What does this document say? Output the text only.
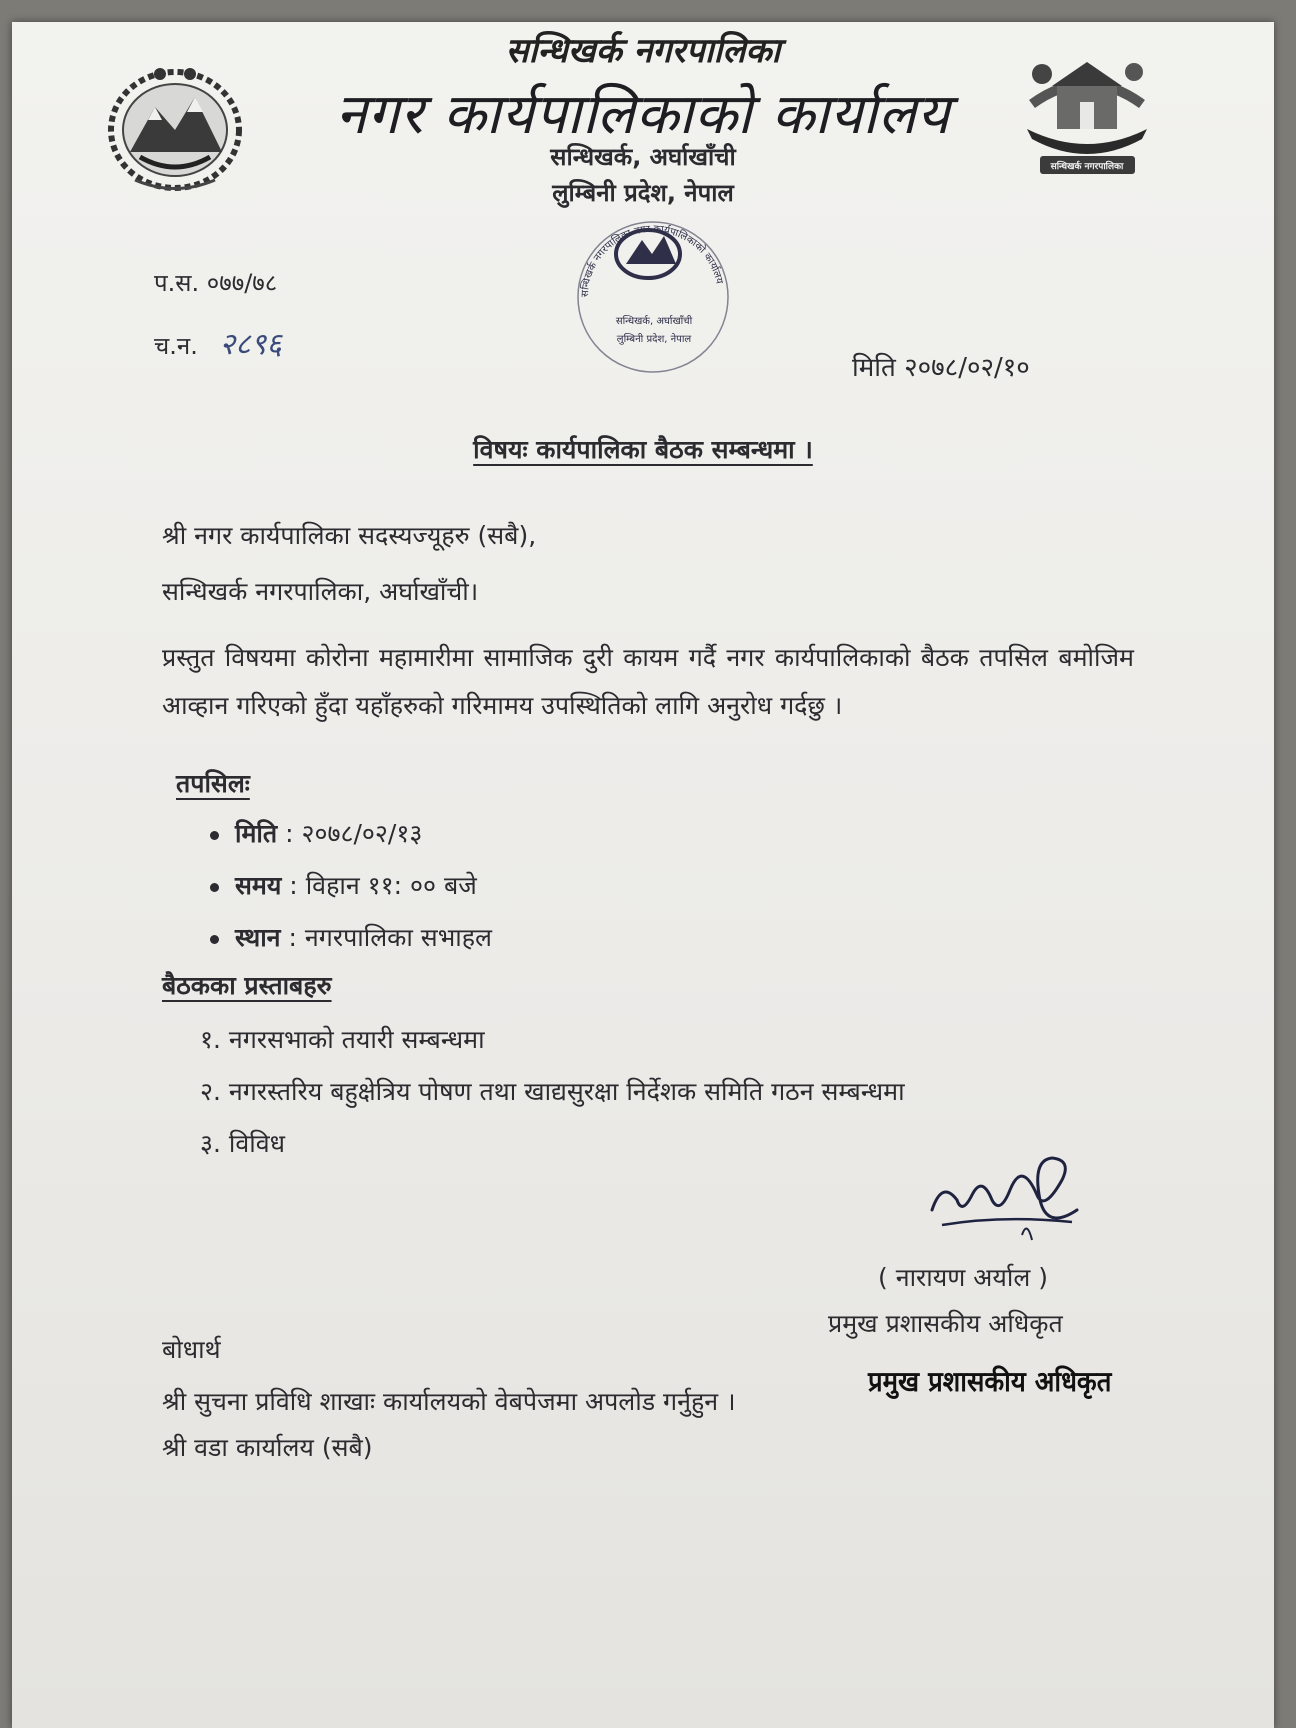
सन्धिखर्क नगरपालिका
नगर कार्यपालिकाको कार्यालय
सन्धिखर्क, अर्घाखाँची
लुम्बिनी प्रदेश, नेपाल
सन्धिखर्क नगरपालिका
सन्धिखर्क नगरपालिका नगर कार्यपालिकाको कार्यालय
सन्धिखर्क, अर्घाखाँची
लुम्बिनी प्रदेश, नेपाल
प.स. ०७७/७८
च.न. २८९६
मिति २०७८/०२/१०
विषयः कार्यपालिका बैठक सम्बन्धमा ।
श्री नगर कार्यपालिका सदस्यज्यूहरु (सबै),
सन्धिखर्क नगरपालिका, अर्घाखाँची।
प्रस्तुत विषयमा कोरोना महामारीमा सामाजिक दुरी कायम गर्दै नगर कार्यपालिकाको बैठक तपसिल बमोजिम आव्हान गरिएको हुँदा यहाँहरुको गरिमामय उपस्थितिको लागि अनुरोध गर्दछु ।
तपसिलः
मिति : २०७८/०२/१३
समय : विहान ११: ०० बजे
स्थान : नगरपालिका सभाहल
बैठकका प्रस्ताबहरु
१. नगरसभाको तयारी सम्बन्धमा
२. नगरस्तरिय बहुक्षेत्रिय पोषण तथा खाद्यसुरक्षा निर्देशक समिति गठन सम्बन्धमा
३. विविध
( नारायण अर्याल )
प्रमुख प्रशासकीय अधिकृत
प्रमुख प्रशासकीय अधिकृत
बोधार्थ
श्री सुचना प्रविधि शाखाः कार्यालयको वेबपेजमा अपलोड गर्नुहुन ।
श्री वडा कार्यालय (सबै)
